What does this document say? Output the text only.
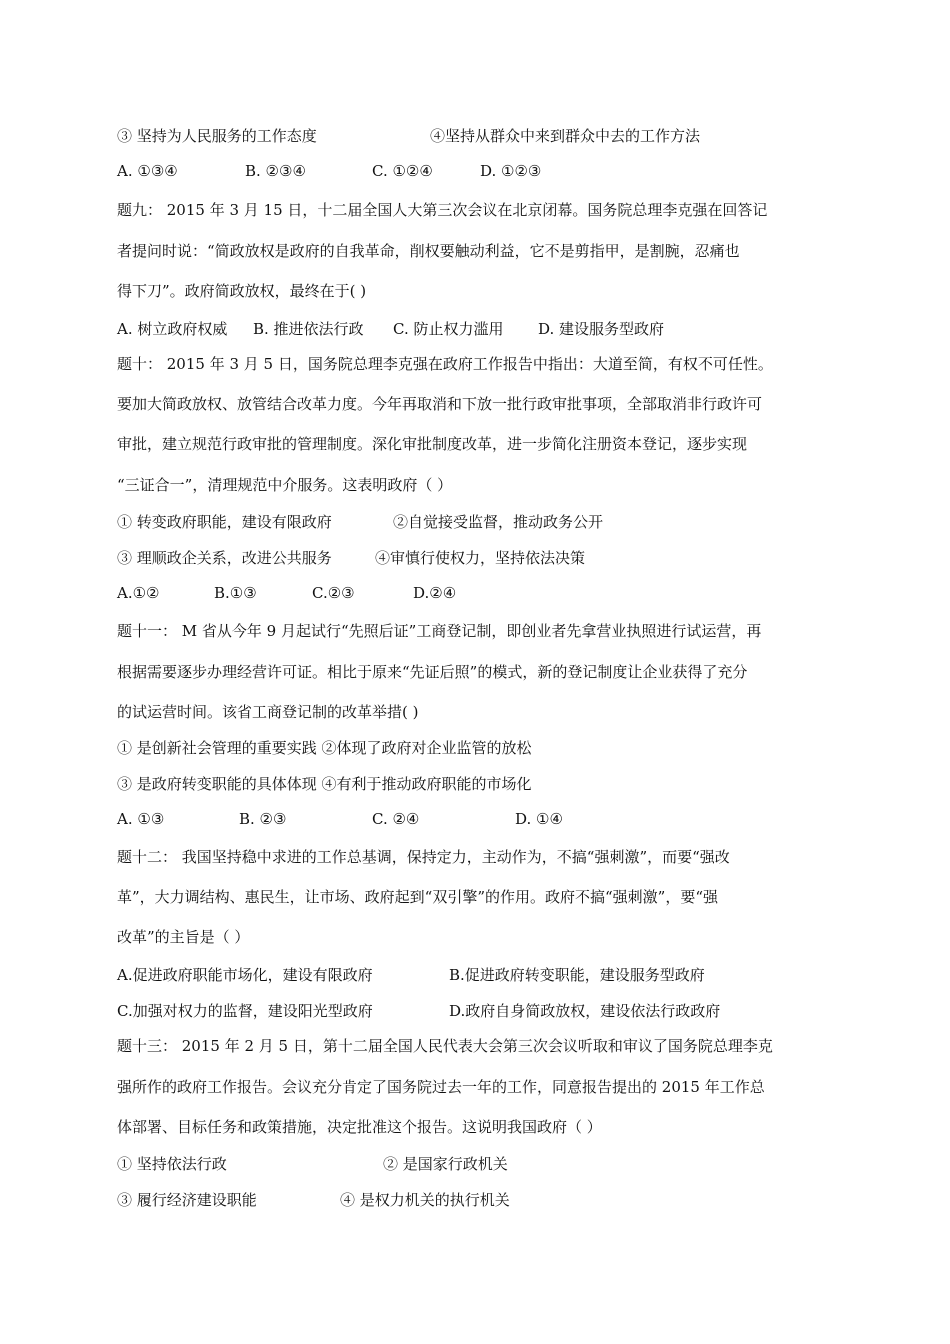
③ 坚持为人民服务的工作态度	④坚持从群众中来到群众中去的工作方法
A. ①③④	B. ②③④	C. ①②④	D. ①②③
题九： 2015 年 3 月 15 日，十二届全国人大第三次会议在北京闭幕。国务院总理李克强在回答记
者提问时说：“简政放权是政府的自我革命，削权要触动利益，它不是剪指甲，是割腕，忍痛也
得下刀”。政府简政放权，最终在于( )
A. 树立政府权威 B. 推进依法行政 C. 防止权力滥用 D. 建设服务型政府
题十： 2015 年 3 月 5 日，国务院总理李克强在政府工作报告中指出：大道至简，有权不可任性。
要加大简政放权、放管结合改革力度。今年再取消和下放一批行政审批事项，全部取消非行政许可
审批，建立规范行政审批的管理制度。深化审批制度改革，进一步简化注册资本登记，逐步实现
“三证合一”，清理规范中介服务。这表明政府（ ）
① 转变政府职能，建设有限政府	②自觉接受监督，推动政务公开
③ 理顺政企关系，改进公共服务	④审慎行使权力，坚持依法决策
A.①②	B.①③	C.②③	D.②④
题十一： M 省从今年 9 月起试行“先照后证”工商登记制，即创业者先拿营业执照进行试运营，再
根据需要逐步办理经营许可证。相比于原来“先证后照”的模式，新的登记制度让企业获得了充分
的试运营时间。该省工商登记制的改革举措( )
① 是创新社会管理的重要实践 ②体现了政府对企业监管的放松
③ 是政府转变职能的具体体现 ④有利于推动政府职能的市场化
A. ①③	B. ②③	C. ②④	D. ①④
题十二： 我国坚持稳中求进的工作总基调，保持定力，主动作为，不搞“强刺激”，而要“强改
革”，大力调结构、惠民生，让市场、政府起到“双引擎”的作用。政府不搞“强刺激”，要“强
改革”的主旨是（ ）
A.促进政府职能市场化，建设有限政府	B.促进政府转变职能，建设服务型政府
C.加强对权力的监督，建设阳光型政府	D.政府自身简政放权，建设依法行政政府
题十三： 2015 年 2 月 5 日，第十二届全国人民代表大会第三次会议听取和审议了国务院总理李克
强所作的政府工作报告。会议充分肯定了国务院过去一年的工作，同意报告提出的 2015 年工作总
体部署、目标任务和政策措施，决定批准这个报告。这说明我国政府（ ）
① 坚持依法行政	② 是国家行政机关
③ 履行经济建设职能	④ 是权力机关的执行机关
